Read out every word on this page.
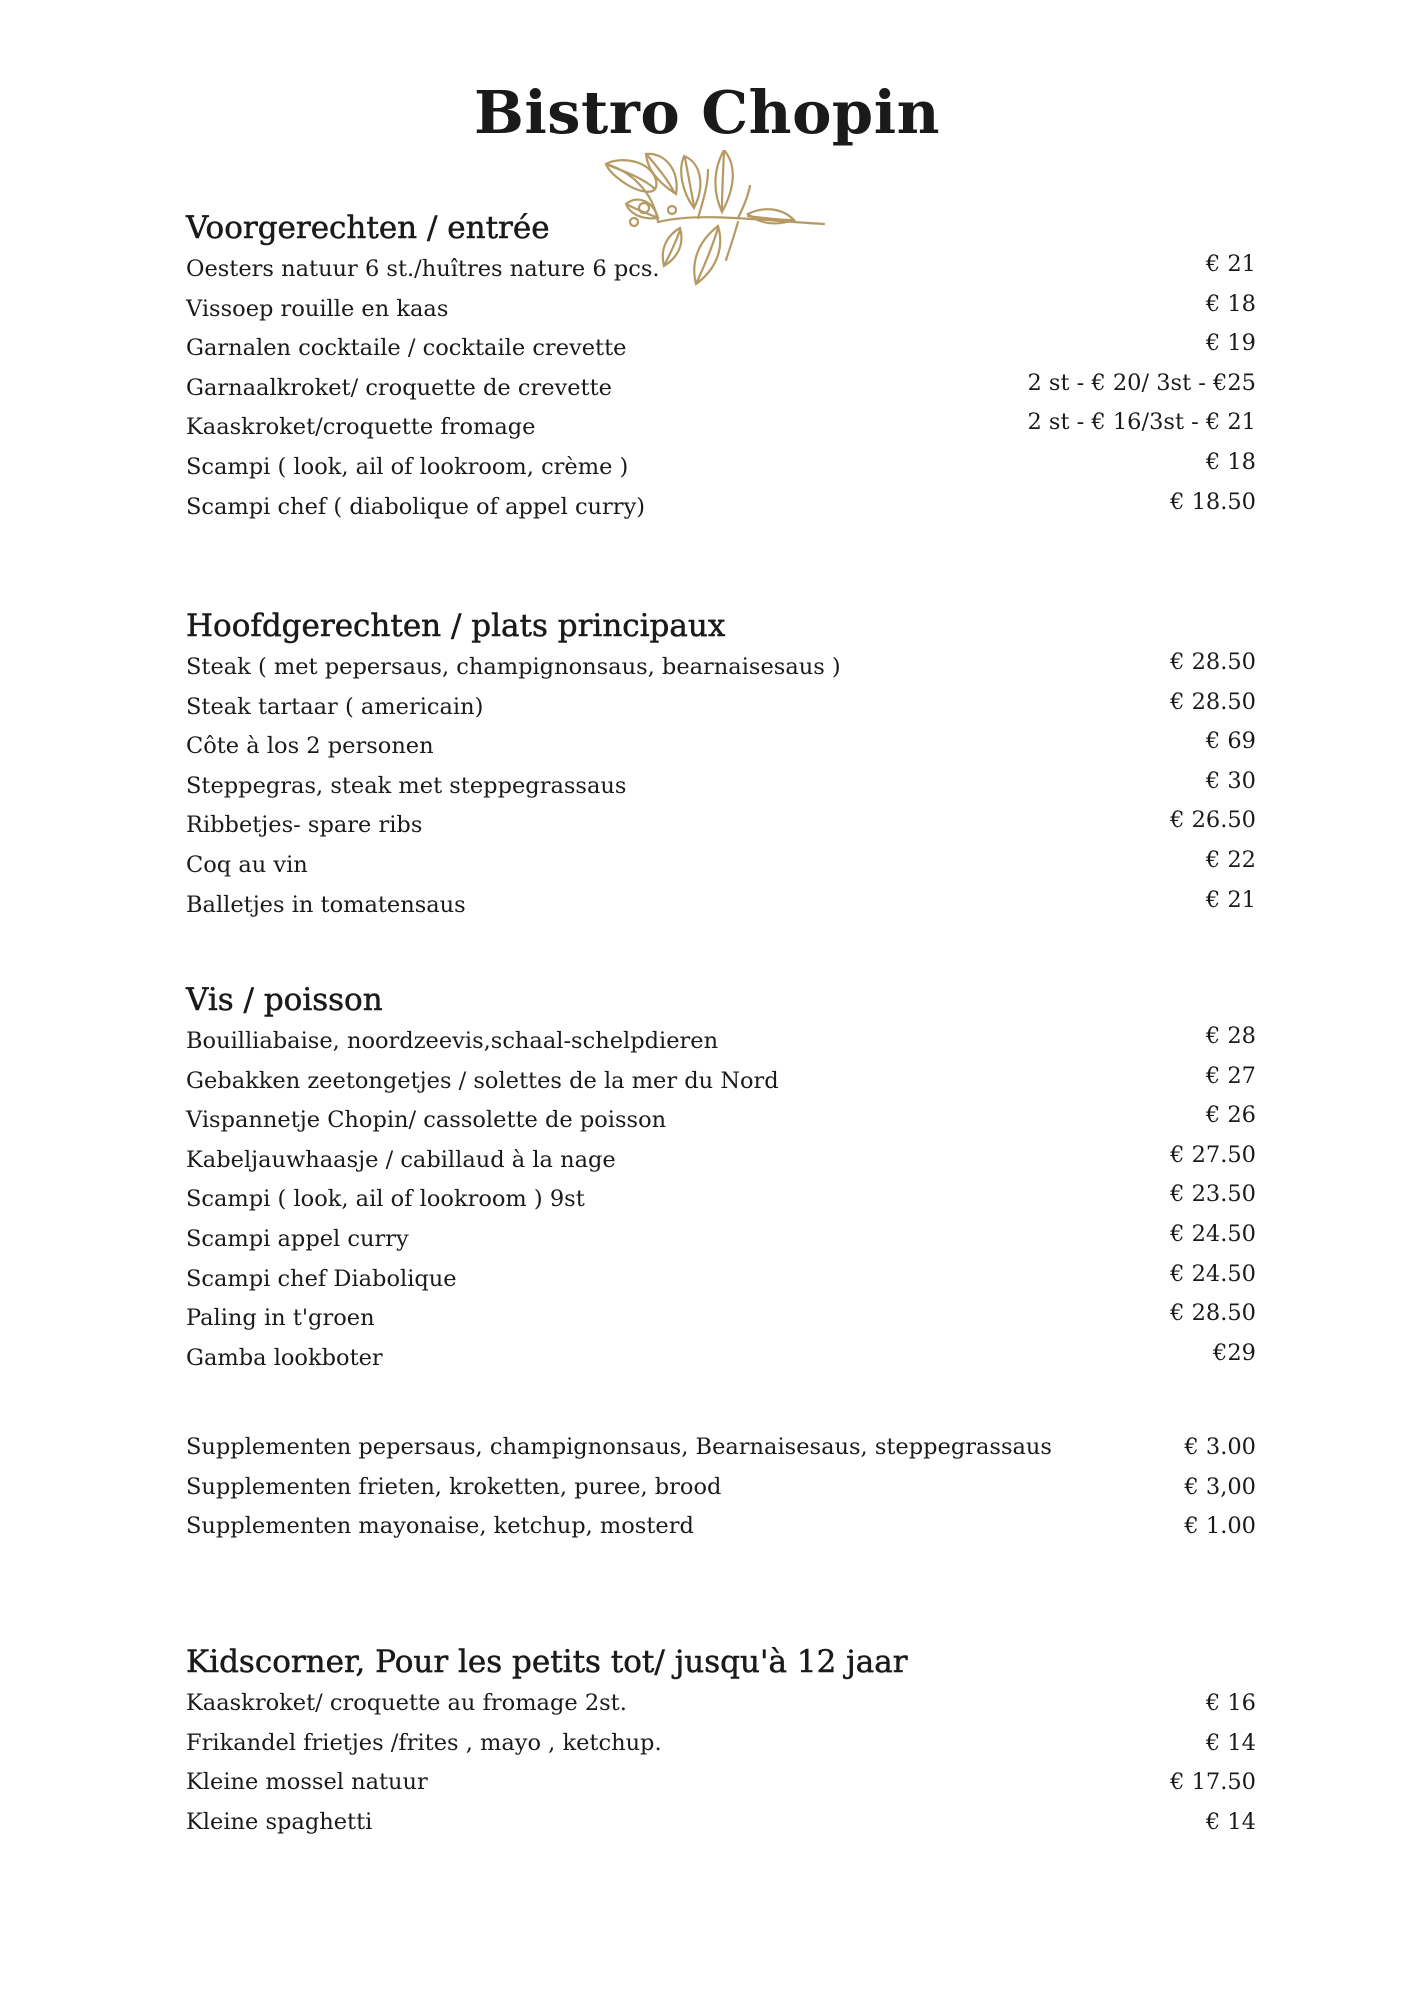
Bistro Chopin
Voorgerechten / entrée
Oesters natuur 6 st./huîtres nature 6 pcs.	€ 21
Vissoep rouille en kaas	€ 18
Garnalen cocktaile / cocktaile crevette	€ 19
Garnaalkroket/ croquette de crevette	2 st - € 20/ 3st - €25
Kaaskroket/croquette fromage	2 st - € 16/3st - € 21
Scampi ( look, ail of lookroom, crème )	€ 18
Scampi chef ( diabolique of appel curry)	€ 18.50
Hoofdgerechten / plats principaux
Steak ( met pepersaus, champignonsaus, bearnaisesaus )	€ 28.50
Steak tartaar ( americain)	€ 28.50
Côte à los 2 personen	€ 69
Steppegras, steak met steppegrassaus	€ 30
Ribbetjes- spare ribs	€ 26.50
Coq au vin	€ 22
Balletjes in tomatensaus	€ 21
Vis / poisson
Bouilliabaise, noordzeevis,schaal-schelpdieren	€ 28
Gebakken zeetongetjes / solettes de la mer du Nord	€ 27
Vispannetje Chopin/ cassolette de poisson	€ 26
Kabeljauwhaasje / cabillaud à la nage	€ 27.50
Scampi ( look, ail of lookroom ) 9st	€ 23.50
Scampi appel curry	€ 24.50
Scampi chef Diabolique	€ 24.50
Paling in t'groen	€ 28.50
Gamba lookboter	€29
Supplementen pepersaus, champignonsaus, Bearnaisesaus, steppegrassaus	€ 3.00
Supplementen frieten, kroketten, puree, brood	€ 3,00
Supplementen mayonaise, ketchup, mosterd	€ 1.00
Kidscorner, Pour les petits tot/ jusqu'à 12 jaar
Kaaskroket/ croquette au fromage 2st.	€ 16
Frikandel frietjes /frites , mayo , ketchup.	€ 14
Kleine mossel natuur	€ 17.50
Kleine spaghetti	€ 14
